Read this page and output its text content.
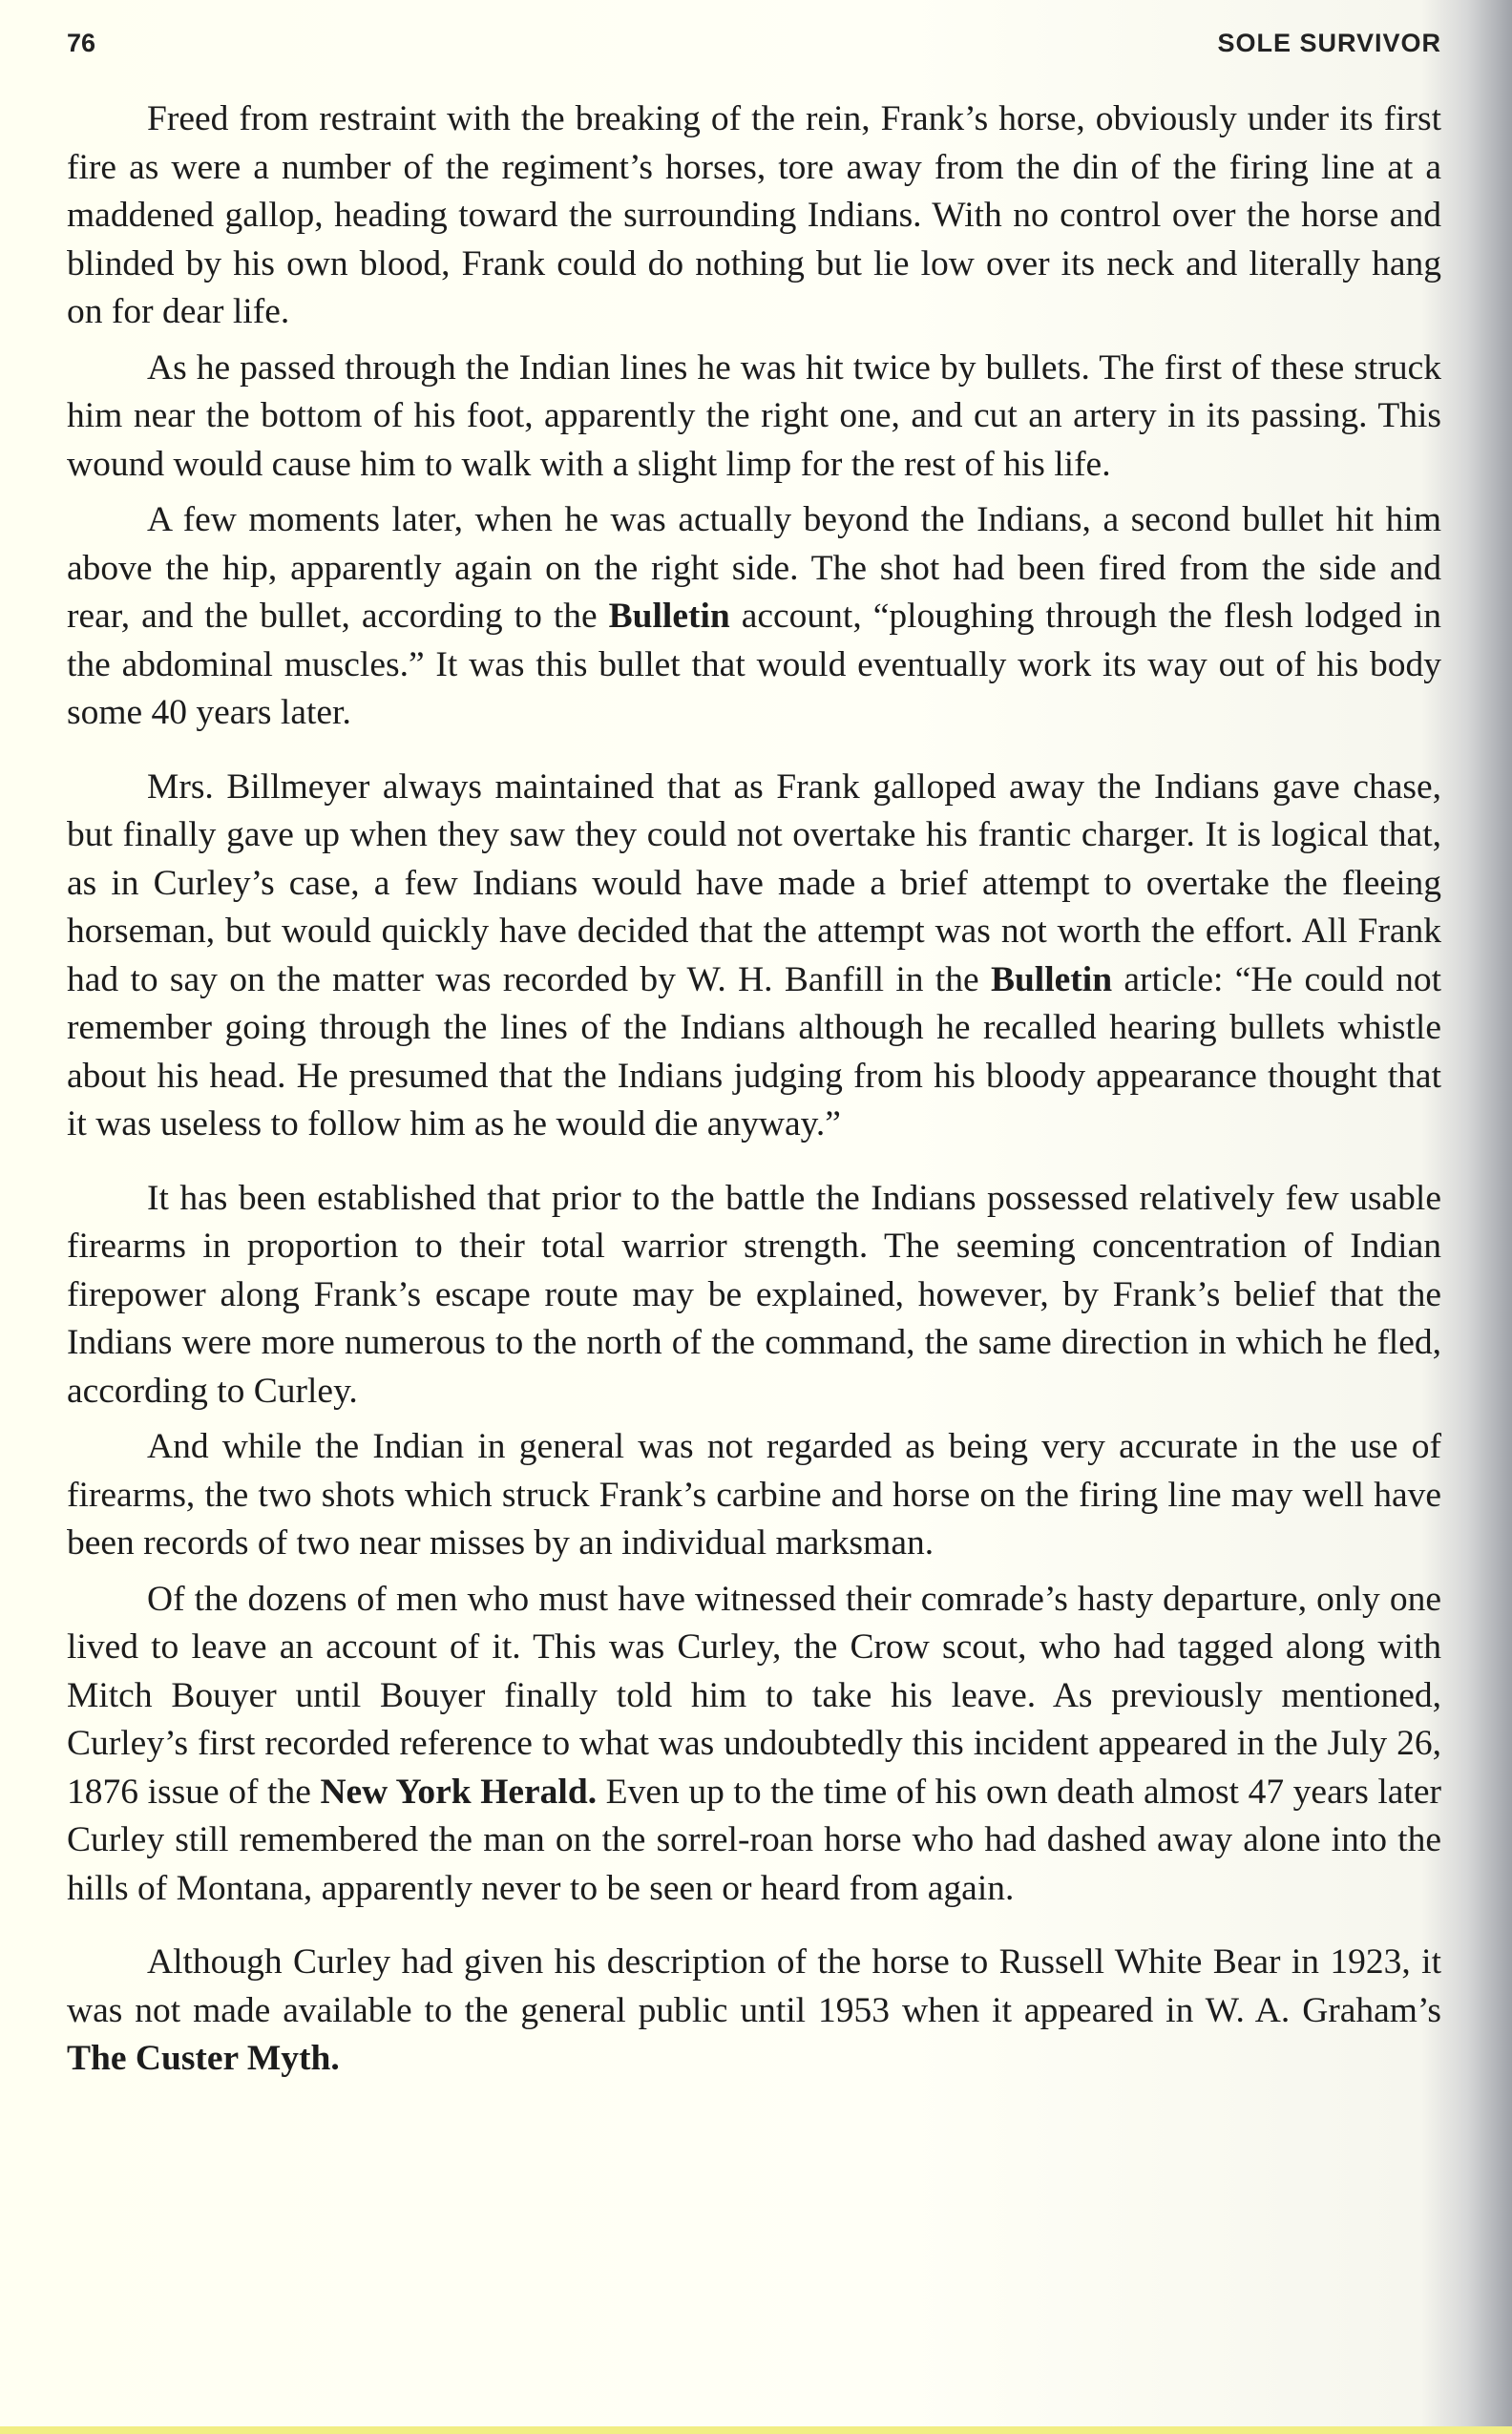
76	SOLE SURVIVOR

Freed from restraint with the breaking of the rein, Frank’s horse, obviously under its first fire as were a number of the regiment’s horses, tore away from the din of the firing line at a maddened gallop, heading toward the surrounding Indians. With no control over the horse and blinded by his own blood, Frank could do nothing but lie low over its neck and literally hang on for dear life.

As he passed through the Indian lines he was hit twice by bullets. The first of these struck him near the bottom of his foot, apparently the right one, and cut an artery in its passing. This wound would cause him to walk with a slight limp for the rest of his life.

A few moments later, when he was actually beyond the Indians, a second bullet hit him above the hip, apparently again on the right side. The shot had been fired from the side and rear, and the bullet, according to the Bulletin account, “ploughing through the flesh lodged in the abdominal muscles.” It was this bullet that would eventually work its way out of his body some 40 years later.

Mrs. Billmeyer always maintained that as Frank galloped away the Indians gave chase, but finally gave up when they saw they could not overtake his frantic charger. It is logical that, as in Curley’s case, a few Indians would have made a brief attempt to overtake the fleeing horseman, but would quickly have decided that the attempt was not worth the effort. All Frank had to say on the matter was recorded by W. H. Banfill in the Bulletin article: “He could not remember going through the lines of the Indians although he recalled hearing bullets whistle about his head. He presumed that the Indians judging from his bloody appearance thought that it was useless to follow him as he would die anyway.”

It has been established that prior to the battle the Indians possessed relatively few usable firearms in proportion to their total warrior strength. The seeming concentration of Indian firepower along Frank’s escape route may be explained, however, by Frank’s belief that the Indians were more numerous to the north of the command, the same direction in which he fled, according to Curley.

And while the Indian in general was not regarded as being very accurate in the use of firearms, the two shots which struck Frank’s carbine and horse on the firing line may well have been records of two near misses by an individual marksman.

Of the dozens of men who must have witnessed their comrade’s hasty departure, only one lived to leave an account of it. This was Curley, the Crow scout, who had tagged along with Mitch Bouyer until Bouyer finally told him to take his leave. As previously mentioned, Curley’s first recorded reference to what was undoubtedly this incident appeared in the July 26, 1876 issue of the New York Herald. Even up to the time of his own death almost 47 years later Curley still remembered the man on the sorrel-roan horse who had dashed away alone into the hills of Montana, apparently never to be seen or heard from again.

Although Curley had given his description of the horse to Russell White Bear in 1923, it was not made available to the general public until 1953 when it appeared in W. A. Graham’s The Custer Myth.
